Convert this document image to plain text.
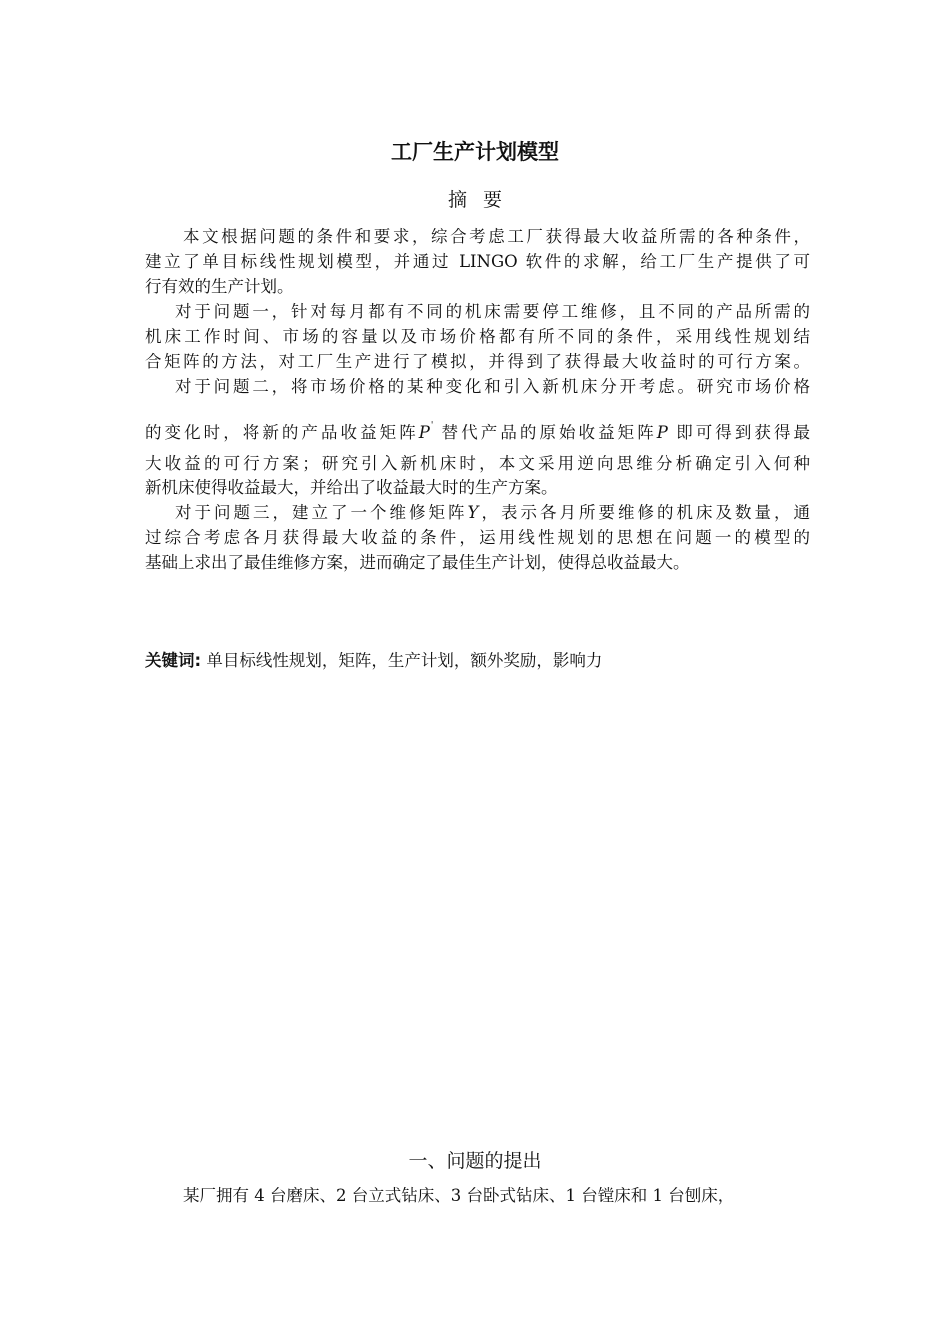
工厂生产计划模型
摘要
本文根据问题的条件和要求，综合考虑工厂获得最大收益所需的各种条件，
建立了单目标线性规划模型，并通过 LINGO 软件的求解，给工厂生产提供了可
行有效的生产计划。
对于问题一，针对每月都有不同的机床需要停工维修，且不同的产品所需的
机床工作时间、市场的容量以及市场价格都有所不同的条件，采用线性规划结
合矩阵的方法，对工厂生产进行了模拟，并得到了获得最大收益时的可行方案。
对于问题二，将市场价格的某种变化和引入新机床分开考虑。研究市场价格
的变化时，将新的产品收益矩阵P' 替代产品的原始收益矩阵P 即可得到获得最
大收益的可行方案；研究引入新机床时，本文采用逆向思维分析确定引入何种
新机床使得收益最大，并给出了收益最大时的生产方案。
对于问题三，建立了一个维修矩阵Y，表示各月所要维修的机床及数量，通
过综合考虑各月获得最大收益的条件，运用线性规划的思想在问题一的模型的
基础上求出了最佳维修方案，进而确定了最佳生产计划，使得总收益最大。
关键词: 单目标线性规划，矩阵，生产计划，额外奖励，影响力
一、问题的提出
某厂拥有 4 台磨床、2 台立式钻床、3 台卧式钻床、1 台镗床和 1 台刨床，
